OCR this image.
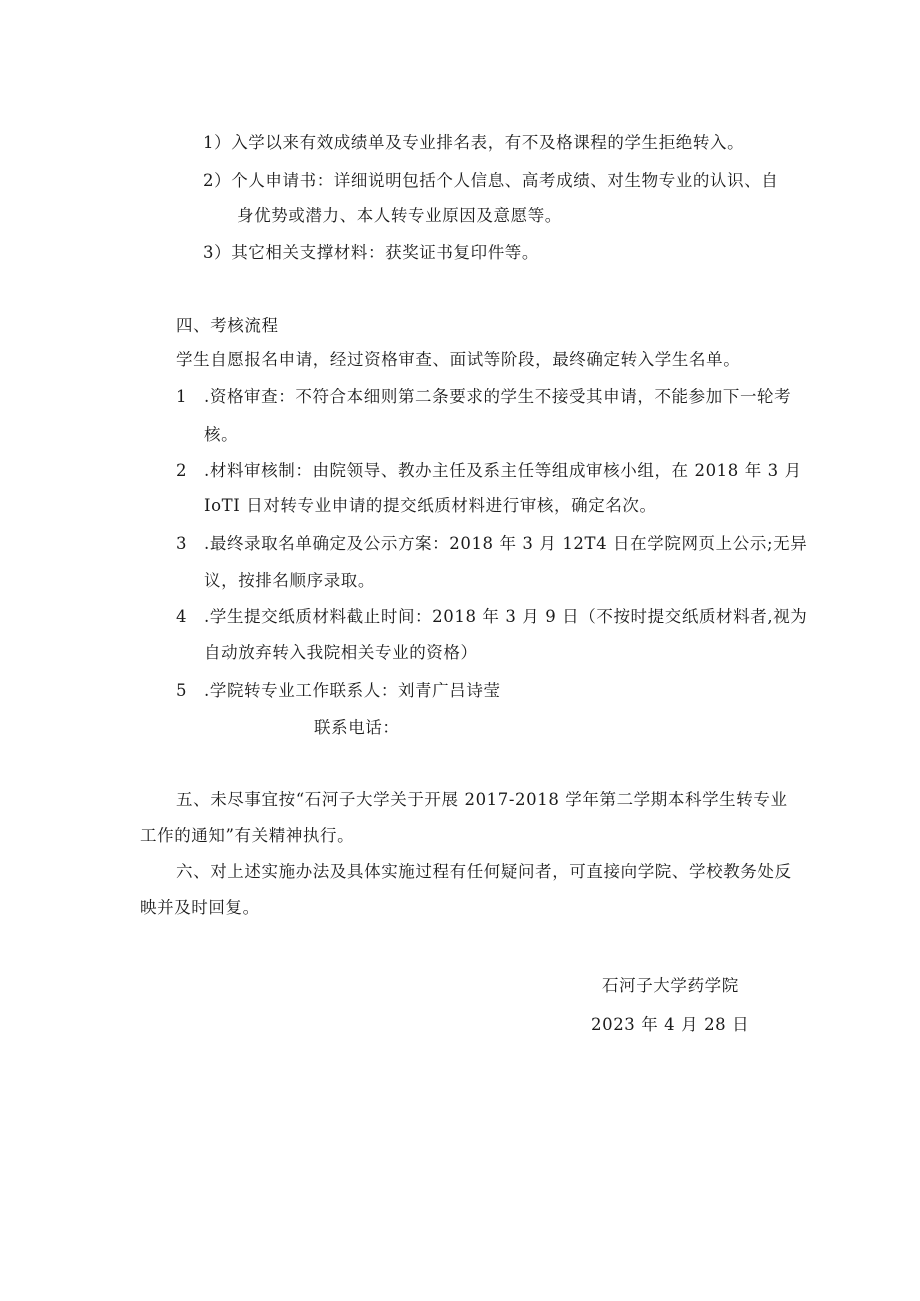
1）入学以来有效成绩单及专业排名表，有不及格课程的学生拒绝转入。
2）个人申请书：详细说明包括个人信息、高考成绩、对生物专业的认识、自
身优势或潜力、本人转专业原因及意愿等。
3）其它相关支撑材料：获奖证书复印件等。
四、考核流程
学生自愿报名申请，经过资格审查、面试等阶段，最终确定转入学生名单。
1 .资格审查：不符合本细则第二条要求的学生不接受其申请，不能参加下一轮考
核。
2 .材料审核制：由院领导、教办主任及系主任等组成审核小组，在 2018 年 3 月
IoTI 日对转专业申请的提交纸质材料进行审核，确定名次。
3 .最终录取名单确定及公示方案：2018 年 3 月 12T4 日在学院网页上公示;无异
议，按排名顺序录取。
4 .学生提交纸质材料截止时间：2018 年 3 月 9 日（不按时提交纸质材料者,视为
自动放弃转入我院相关专业的资格）
5 .学院转专业工作联系人：刘青广吕诗莹
联系电话：
五、未尽事宜按“石河子大学关于开展 2017-2018 学年第二学期本科学生转专业
工作的通知”有关精神执行。
六、对上述实施办法及具体实施过程有任何疑问者，可直接向学院、学校教务处反
映并及时回复。
石河子大学药学院
2023 年 4 月 28 日
